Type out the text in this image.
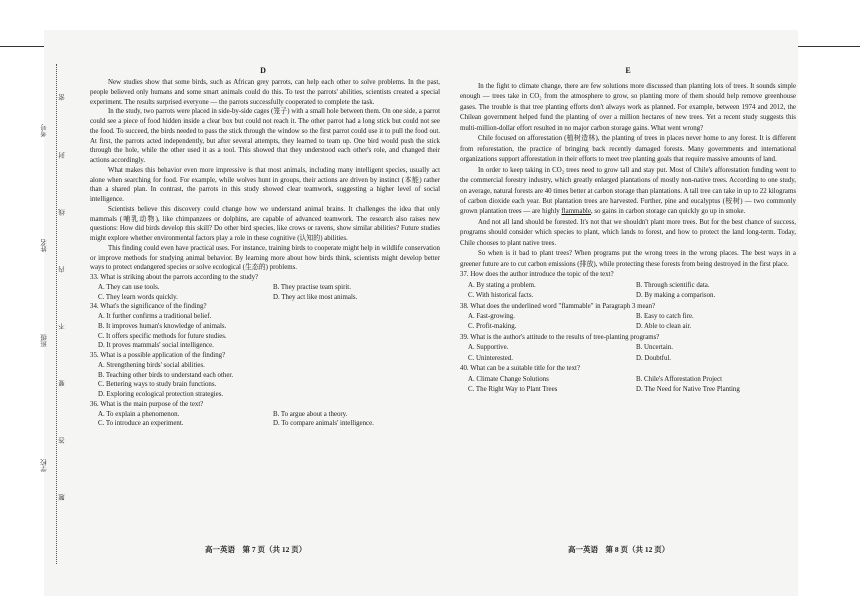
考号
姓名
班级
学校
密
封
线
内
不
要
答
题
D

New studies show that some birds, such as African grey parrots, can help each other to solve problems. In the past, people believed only humans and some smart animals could do this. To test the parrots' abilities, scientists created a special experiment. The results surprised everyone — the parrots successfully cooperated to complete the task.

In the study, two parrots were placed in side-by-side cages (笼子) with a small hole between them. On one side, a parrot could see a piece of food hidden inside a clear box but could not reach it. The other parrot had a long stick but could not see the food. To succeed, the birds needed to pass the stick through the window so the first parrot could use it to pull the food out. At first, the parrots acted independently, but after several attempts, they learned to team up. One bird would push the stick through the hole, while the other used it as a tool. This showed that they understood each other's role, and changed their actions accordingly.

What makes this behavior even more impressive is that most animals, including many intelligent species, usually act alone when searching for food. For example, while wolves hunt in groups, their actions are driven by instinct (本能) rather than a shared plan. In contrast, the parrots in this study showed clear teamwork, suggesting a higher level of social intelligence.

Scientists believe this discovery could change how we understand animal brains. It challenges the idea that only mammals (哺乳动物), like chimpanzees or dolphins, are capable of advanced teamwork. The research also raises new questions: How did birds develop this skill? Do other bird species, like crows or ravens, show similar abilities? Future studies might explore whether environmental factors play a role in these cognitive (认知的) abilities.

This finding could even have practical uses. For instance, training birds to cooperate might help in wildlife conservation or improve methods for studying animal behavior. By learning more about how birds think, scientists might develop better ways to protect endangered species or solve ecological (生态的) problems.

33. What is striking about the parrots according to the study?
A. They can use tools.	B. They practise team spirit.
C. They learn words quickly.	D. They act like most animals.
34. What's the significance of the finding?
A. It further confirms a traditional belief.
B. It improves human's knowledge of animals.
C. It offers specific methods for future studies.
D. It proves mammals' social intelligence.
35. What is a possible application of the finding?
A. Strengthening birds' social abilities.
B. Teaching other birds to understand each other.
C. Bettering ways to study brain functions.
D. Exploring ecological protection strategies.
36. What is the main purpose of the text?
A. To explain a phenomenon.	B. To argue about a theory.
C. To introduce an experiment.	D. To compare animals' intelligence.
高一英语　第 7 页（共 12 页）
E

In the fight to climate change, there are few solutions more discussed than planting lots of trees. It sounds simple enough — trees take in CO₂ from the atmosphere to grow, so planting more of them should help remove greenhouse gases. The trouble is that tree planting efforts don't always work as planned. For example, between 1974 and 2012, the Chilean government helped fund the planting of over a million hectares of new trees. Yet a recent study suggests this multi-million-dollar effort resulted in no major carbon storage gains. What went wrong?

Chile focused on afforestation (植树造林), the planting of trees in places never home to any forest. It is different from reforestation, the practice of bringing back recently damaged forests. Many governments and international organizations support afforestation in their efforts to meet tree planting goals that require massive amounts of land.

In order to keep taking in CO₂ trees need to grow tall and stay put. Most of Chile's afforestation funding went to the commercial forestry industry, which greatly enlarged plantations of mostly non-native trees. According to one study, on average, natural forests are 40 times better at carbon storage than plantations. A tall tree can take in up to 22 kilograms of carbon dioxide each year. But plantation trees are harvested. Further, pine and eucalyptus (桉树) — two commonly grown plantation trees — are highly flammable, so gains in carbon storage can quickly go up in smoke.

And not all land should be forested. It's not that we shouldn't plant more trees. But for the best chance of success, programs should consider which species to plant, which lands to forest, and how to protect the land long-term. Today, Chile chooses to plant native trees.

So when is it bad to plant trees? When programs put the wrong trees in the wrong places. The best ways in a greener future are to cut carbon emissions (排放), while protecting these forests from being destroyed in the first place.

37. How does the author introduce the topic of the text?
A. By stating a problem.	B. Through scientific data.
C. With historical facts.	D. By making a comparison.
38. What does the underlined word "flammable" in Paragraph 3 mean?
A. Fast-growing.	B. Easy to catch fire.
C. Profit-making.	D. Able to clean air.
39. What is the author's attitude to the results of tree-planting programs?
A. Supportive.	B. Uncertain.
C. Uninterested.	D. Doubtful.
40. What can be a suitable title for the text?
A. Climate Change Solutions	B. Chile's Afforestation Project
C. The Right Way to Plant Trees	D. The Need for Native Tree Planting
高一英语　第 8 页（共 12 页）
